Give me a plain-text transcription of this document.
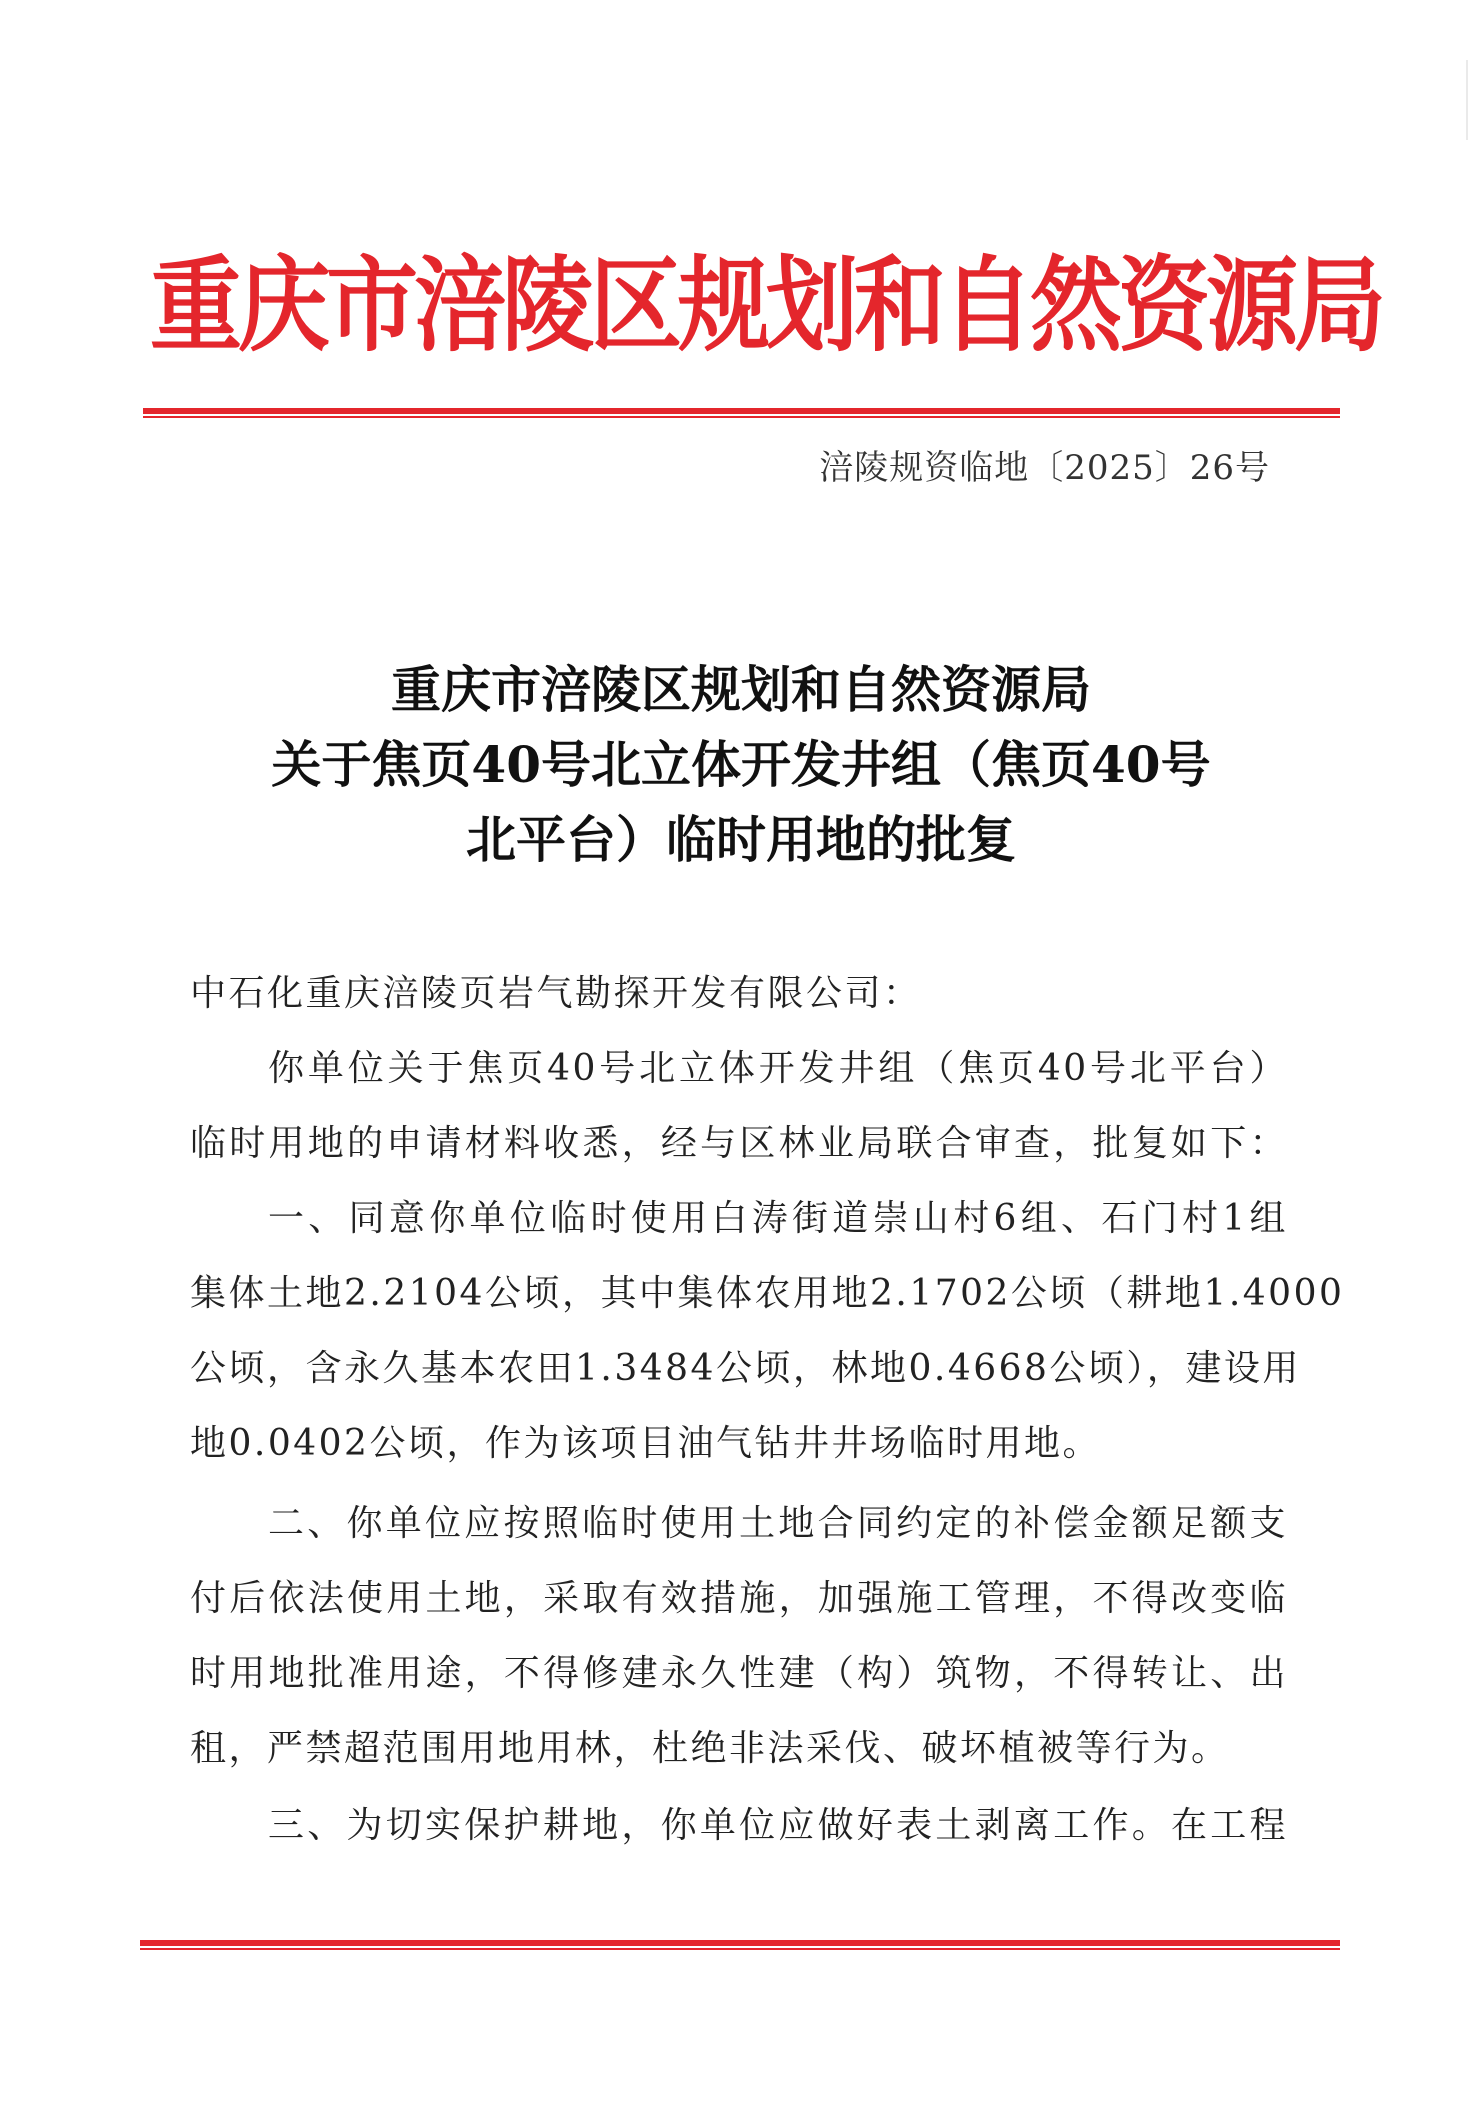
重庆市涪陵区规划和自然资源局
涪陵规资临地〔2025〕26号
重庆市涪陵区规划和自然资源局
关于焦页40号北立体开发井组（焦页40号
北平台）临时用地的批复
中石化重庆涪陵页岩气勘探开发有限公司：
你单位关于焦页40号北立体开发井组（焦页40号北平台）
临时用地的申请材料收悉，经与区林业局联合审查，批复如下：
一、同意你单位临时使用白涛街道崇山村6组、石门村1组
集体土地2.2104公顷，其中集体农用地2.1702公顷（耕地1.4000
公顷，含永久基本农田1.3484公顷，林地0.4668公顷），建设用
地0.0402公顷，作为该项目油气钻井井场临时用地。
二、你单位应按照临时使用土地合同约定的补偿金额足额支
付后依法使用土地，采取有效措施，加强施工管理，不得改变临
时用地批准用途，不得修建永久性建（构）筑物，不得转让、出
租，严禁超范围用地用林，杜绝非法采伐、破坏植被等行为。
三、为切实保护耕地，你单位应做好表土剥离工作。在工程
